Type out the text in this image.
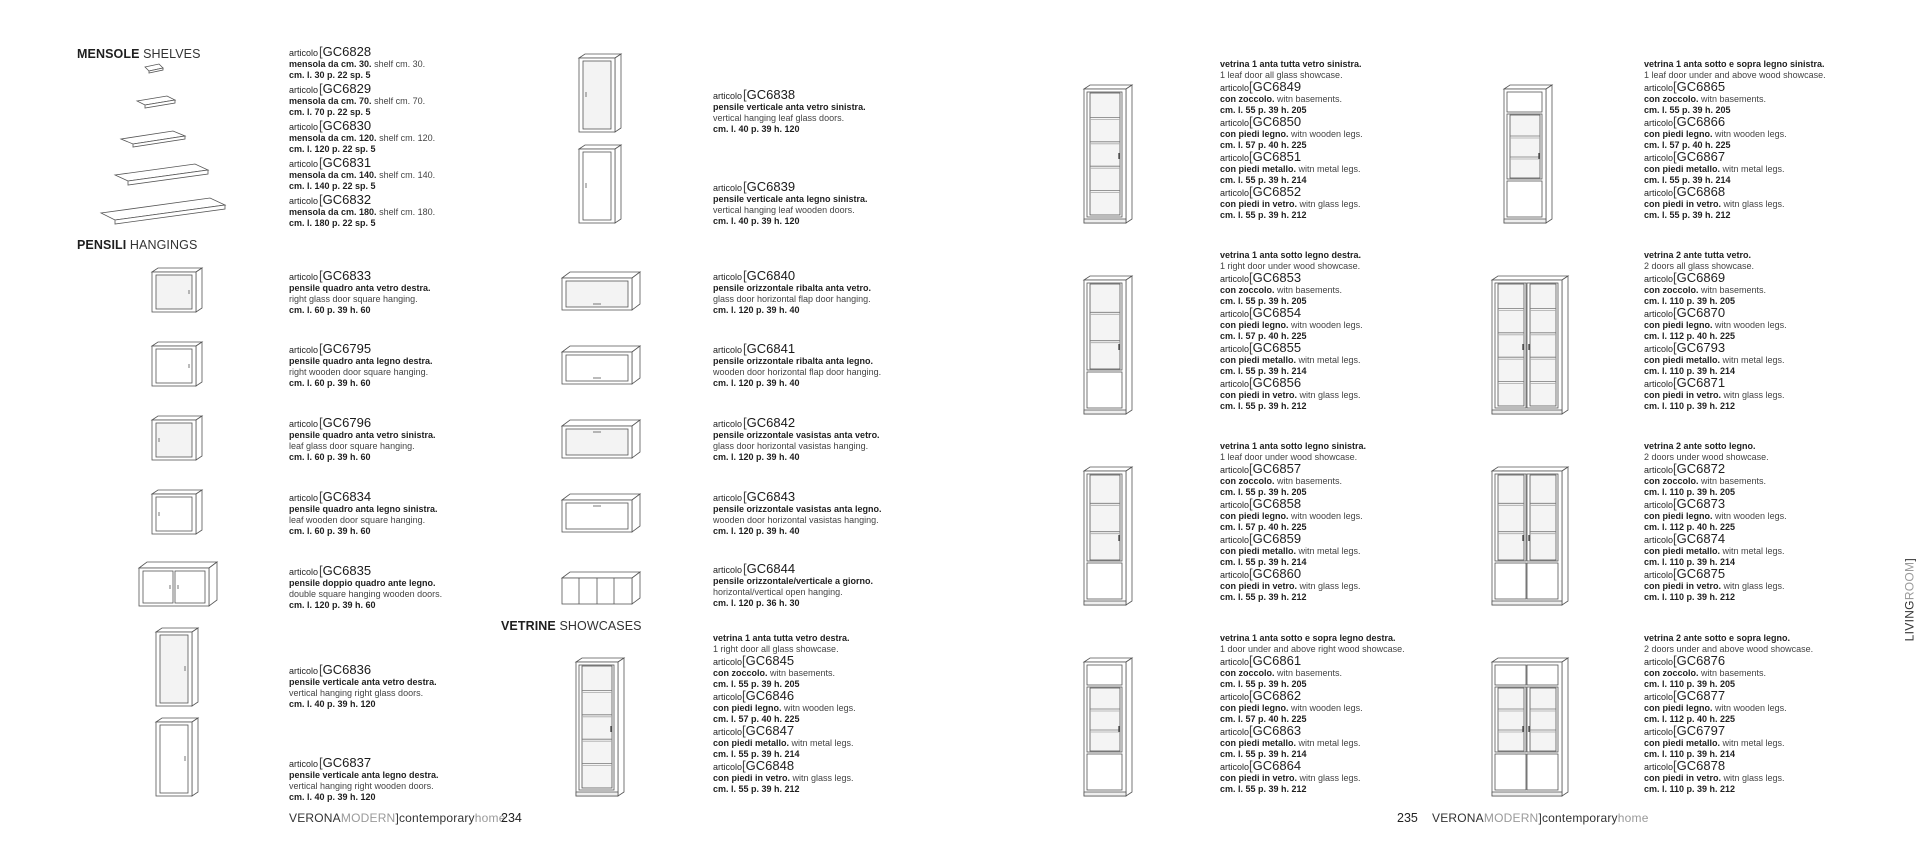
MENSOLE SHELVES
PENSILI HANGINGS
VETRINE SHOWCASES
articolo[GC6828
mensola da cm. 30. shelf cm. 30.
cm. l. 30 p. 22 sp. 5
articolo[GC6829
mensola da cm. 70. shelf cm. 70.
cm. l. 70 p. 22 sp. 5
articolo[GC6830
mensola da cm. 120. shelf cm. 120.
cm. l. 120 p. 22 sp. 5
articolo[GC6831
mensola da cm. 140. shelf cm. 140.
cm. l. 140 p. 22 sp. 5
articolo[GC6832
mensola da cm. 180. shelf cm. 180.
cm. l. 180 p. 22 sp. 5
articolo[GC6833
pensile quadro anta vetro destra.
right glass door square hanging.
cm. l. 60 p. 39 h. 60
articolo[GC6795
pensile quadro anta legno destra.
right wooden door square hanging.
cm. l. 60 p. 39 h. 60
articolo[GC6796
pensile quadro anta vetro sinistra.
leaf glass door square hanging.
cm. l. 60 p. 39 h. 60
articolo[GC6834
pensile quadro anta legno sinistra.
leaf wooden door square hanging.
cm. l. 60 p. 39 h. 60
articolo[GC6835
pensile doppio quadro ante legno.
double square hanging wooden doors.
cm. l. 120 p. 39 h. 60
articolo[GC6836
pensile verticale anta vetro destra.
vertical hanging right glass doors.
cm. l. 40 p. 39 h. 120
articolo[GC6837
pensile verticale anta legno destra.
vertical hanging right wooden doors.
cm. l. 40 p. 39 h. 120
articolo[GC6838
pensile verticale anta vetro sinistra.
vertical hanging leaf glass doors.
cm. l. 40 p. 39 h. 120
articolo[GC6839
pensile verticale anta legno sinistra.
vertical hanging leaf wooden doors.
cm. l. 40 p. 39 h. 120
articolo[GC6840
pensile orizzontale ribalta anta vetro.
glass door horizontal flap door hanging.
cm. l. 120 p. 39 h. 40
articolo[GC6841
pensile orizzontale ribalta anta legno.
wooden door horizontal flap door hanging.
cm. l. 120 p. 39 h. 40
articolo[GC6842
pensile orizzontale vasistas anta vetro.
glass door horizontal vasistas hanging.
cm. l. 120 p. 39 h. 40
articolo[GC6843
pensile orizzontale vasistas anta legno.
wooden door horizontal vasistas hanging.
cm. l. 120 p. 39 h. 40
articolo[GC6844
pensile orizzontale/verticale a giorno.
horizontal/vertical open hanging.
cm. l. 120 p. 36 h. 30
vetrina 1 anta tutta vetro destra.
1 right door all glass showcase.
articolo[GC6845
con zoccolo. witn basements.
cm. l. 55 p. 39 h. 205
articolo[GC6846
con piedi legno. witn wooden legs.
cm. l. 57 p. 40 h. 225
articolo[GC6847
con piedi metallo. witn metal legs.
cm. l. 55 p. 39 h. 214
articolo[GC6848
con piedi in vetro. witn glass legs.
cm. l. 55 p. 39 h. 212
vetrina 1 anta tutta vetro sinistra.
1 leaf door all glass showcase.
articolo[GC6849
con zoccolo. witn basements.
cm. l. 55 p. 39 h. 205
articolo[GC6850
con piedi legno. witn wooden legs.
cm. l. 57 p. 40 h. 225
articolo[GC6851
con piedi metallo. witn metal legs.
cm. l. 55 p. 39 h. 214
articolo[GC6852
con piedi in vetro. witn glass legs.
cm. l. 55 p. 39 h. 212
vetrina 1 anta sotto legno destra.
1 right door under wood showcase.
articolo[GC6853
con zoccolo. witn basements.
cm. l. 55 p. 39 h. 205
articolo[GC6854
con piedi legno. witn wooden legs.
cm. l. 57 p. 40 h. 225
articolo[GC6855
con piedi metallo. witn metal legs.
cm. l. 55 p. 39 h. 214
articolo[GC6856
con piedi in vetro. witn glass legs.
cm. l. 55 p. 39 h. 212
vetrina 1 anta sotto legno sinistra.
1 leaf door under wood showcase.
articolo[GC6857
con zoccolo. witn basements.
cm. l. 55 p. 39 h. 205
articolo[GC6858
con piedi legno. witn wooden legs.
cm. l. 57 p. 40 h. 225
articolo[GC6859
con piedi metallo. witn metal legs.
cm. l. 55 p. 39 h. 214
articolo[GC6860
con piedi in vetro. witn glass legs.
cm. l. 55 p. 39 h. 212
vetrina 1 anta sotto e sopra legno destra.
1 door under and above right wood showcase.
articolo[GC6861
con zoccolo. witn basements.
cm. l. 55 p. 39 h. 205
articolo[GC6862
con piedi legno. witn wooden legs.
cm. l. 57 p. 40 h. 225
articolo[GC6863
con piedi metallo. witn metal legs.
cm. l. 55 p. 39 h. 214
articolo[GC6864
con piedi in vetro. witn glass legs.
cm. l. 55 p. 39 h. 212
vetrina 1 anta sotto e sopra legno sinistra.
1 leaf door under and above wood showcase.
articolo[GC6865
con zoccolo. witn basements.
cm. l. 55 p. 39 h. 205
articolo[GC6866
con piedi legno. witn wooden legs.
cm. l. 57 p. 40 h. 225
articolo[GC6867
con piedi metallo. witn metal legs.
cm. l. 55 p. 39 h. 214
articolo[GC6868
con piedi in vetro. witn glass legs.
cm. l. 55 p. 39 h. 212
vetrina 2 ante tutta vetro.
2 doors all glass showcase.
articolo[GC6869
con zoccolo. witn basements.
cm. l. 110 p. 39 h. 205
articolo[GC6870
con piedi legno. witn wooden legs.
cm. l. 112 p. 40 h. 225
articolo[GC6793
con piedi metallo. witn metal legs.
cm. l. 110 p. 39 h. 214
articolo[GC6871
con piedi in vetro. witn glass legs.
cm. l. 110 p. 39 h. 212
vetrina 2 ante sotto legno.
2 doors under wood showcase.
articolo[GC6872
con zoccolo. witn basements.
cm. l. 110 p. 39 h. 205
articolo[GC6873
con piedi legno. witn wooden legs.
cm. l. 112 p. 40 h. 225
articolo[GC6874
con piedi metallo. witn metal legs.
cm. l. 110 p. 39 h. 214
articolo[GC6875
con piedi in vetro. witn glass legs.
cm. l. 110 p. 39 h. 212
vetrina 2 ante sotto e sopra legno.
2 doors under and above wood showcase.
articolo[GC6876
con zoccolo. witn basements.
cm. l. 110 p. 39 h. 205
articolo[GC6877
con piedi legno. witn wooden legs.
cm. l. 112 p. 40 h. 225
articolo[GC6797
con piedi metallo. witn metal legs.
cm. l. 110 p. 39 h. 214
articolo[GC6878
con piedi in vetro. witn glass legs.
cm. l. 110 p. 39 h. 212
VERONAMODERN]contemporaryhome
234	235 VERONAMODERN]contemporaryhome
LIVINGROOM]
